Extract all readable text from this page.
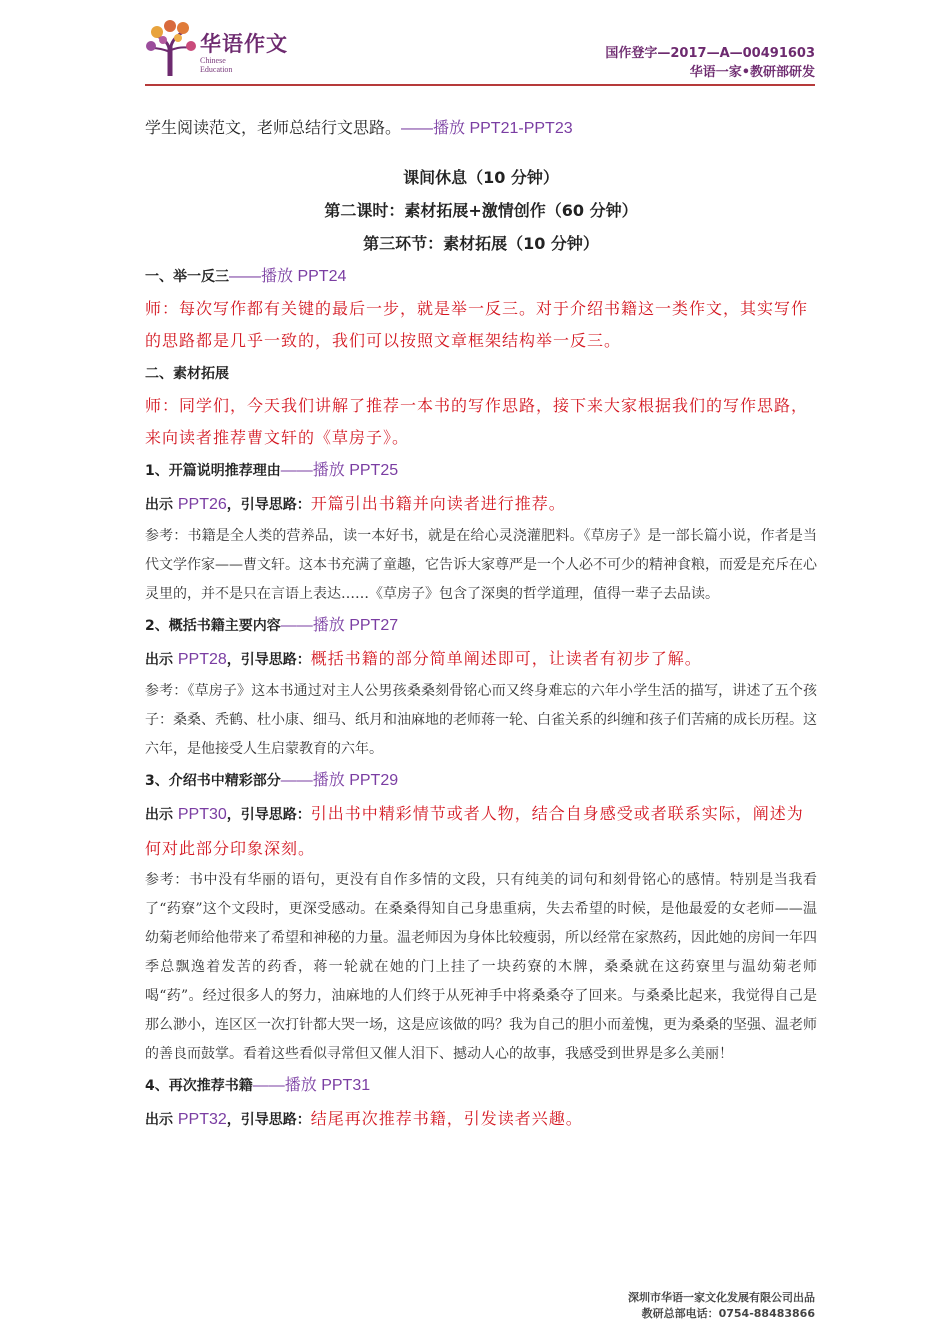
华语作文
Chinese
Education
国作登字—2017—A—00491603
华语一家•教研部研发

学生阅读范文，老师总结行文思路。——播放 PPT21-PPT23

课间休息（10 分钟）

第二课时：素材拓展+激情创作（60 分钟）

第三环节：素材拓展（10 分钟）

一、举一反三——播放 PPT24

师：每次写作都有关键的最后一步，就是举一反三。对于介绍书籍这一类作文，其实写作的思路都是几乎一致的，我们可以按照文章框架结构举一反三。

二、素材拓展

师：同学们，今天我们讲解了推荐一本书的写作思路，接下来大家根据我们的写作思路，来向读者推荐曹文轩的《草房子》。

1、开篇说明推荐理由——播放 PPT25

出示 PPT26，引导思路：开篇引出书籍并向读者进行推荐。

参考：书籍是全人类的营养品，读一本好书，就是在给心灵浇灌肥料。《草房子》是一部长篇小说，作者是当代文学作家——曹文轩。这本书充满了童趣，它告诉大家尊严是一个人必不可少的精神食粮，而爱是充斥在心灵里的，并不是只在言语上表达……《草房子》包含了深奥的哲学道理，值得一辈子去品读。

2、概括书籍主要内容——播放 PPT27

出示 PPT28，引导思路：概括书籍的部分简单阐述即可，让读者有初步了解。

参考：《草房子》这本书通过对主人公男孩桑桑刻骨铭心而又终身难忘的六年小学生活的描写，讲述了五个孩子：桑桑、秃鹤、杜小康、细马、纸月和油麻地的老师蒋一轮、白雀关系的纠缠和孩子们苦痛的成长历程。这六年，是他接受人生启蒙教育的六年。

3、介绍书中精彩部分——播放 PPT29

出示 PPT30，引导思路：引出书中精彩情节或者人物，结合自身感受或者联系实际，阐述为何对此部分印象深刻。

参考：书中没有华丽的语句，更没有自作多情的文段，只有纯美的词句和刻骨铭心的感情。特别是当我看了“药寮”这个文段时，更深受感动。在桑桑得知自己身患重病，失去希望的时候，是他最爱的女老师——温幼菊老师给他带来了希望和神秘的力量。温老师因为身体比较瘦弱，所以经常在家熬药，因此她的房间一年四季总飘逸着发苦的药香，蒋一轮就在她的门上挂了一块药寮的木牌，桑桑就在这药寮里与温幼菊老师喝“药”。经过很多人的努力，油麻地的人们终于从死神手中将桑桑夺了回来。与桑桑比起来，我觉得自己是那么渺小，连区区一次打针都大哭一场，这是应该做的吗？我为自己的胆小而羞愧，更为桑桑的坚强、温老师的善良而鼓掌。看着这些看似寻常但又催人泪下、撼动人心的故事，我感受到世界是多么美丽！

4、再次推荐书籍——播放 PPT31

出示 PPT32，引导思路：结尾再次推荐书籍，引发读者兴趣。

深圳市华语一家文化发展有限公司出品
教研总部电话：0754-88483866
